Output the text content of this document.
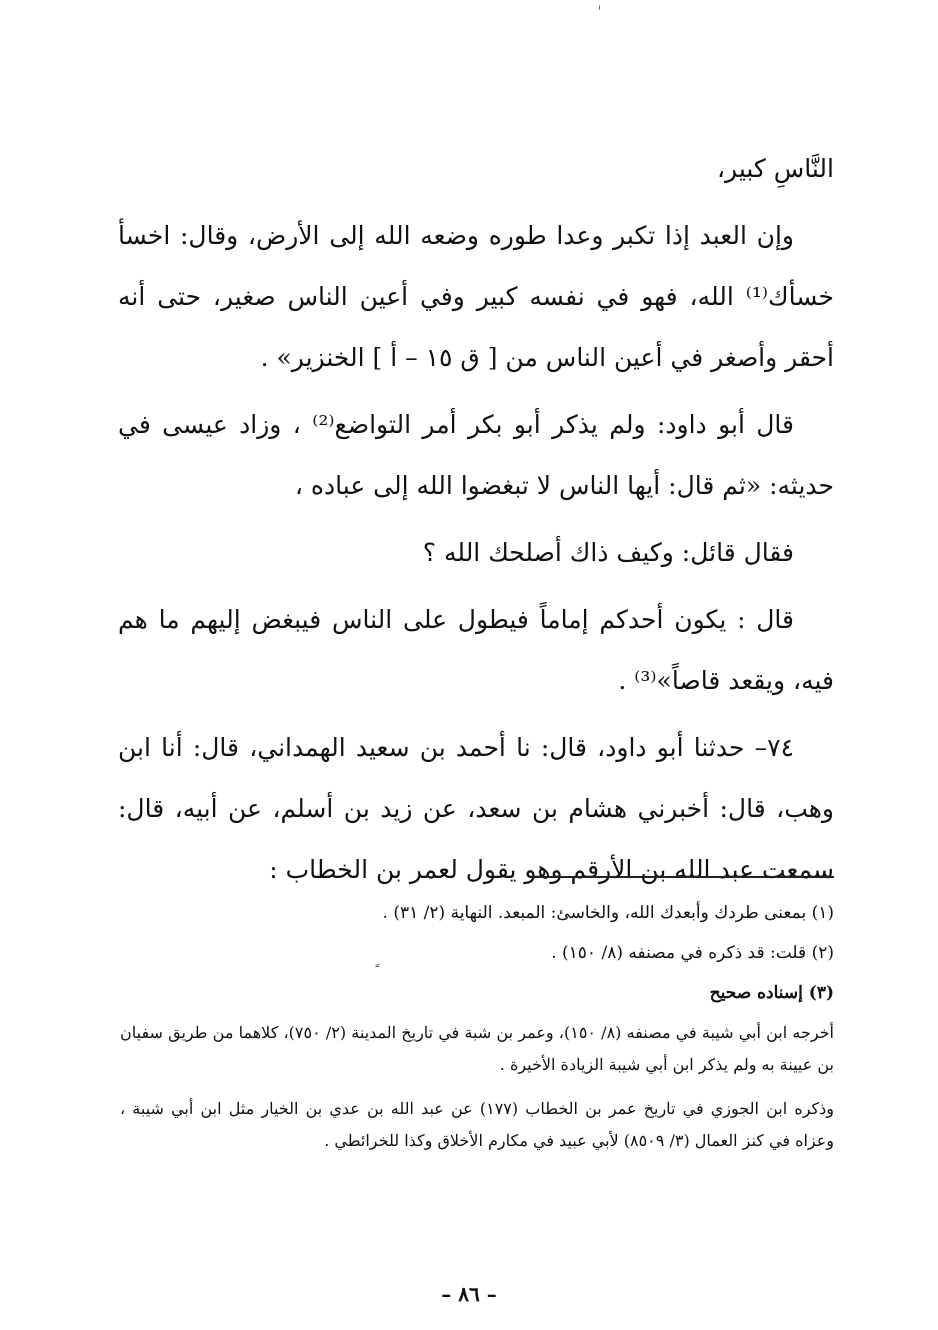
النَّاسِ كبير،

وإن العبد إذا تكبر وعدا طوره وضعه الله إلى الأرض، وقال: اخسأ خسأك⁽¹⁾ الله، فهو في نفسه كبير وفي أعين الناس صغير، حتى أنه أحقر وأصغر في أعين الناس من [ ق ١٥ – أ ] الخنزير» .

قال أبو داود: ولم يذكر أبو بكر أمر التواضع⁽²⁾ ، وزاد عيسى في حديثه: «ثم قال: أيها الناس لا تبغضوا الله إلى عباده ،

فقال قائل: وكيف ذاك أصلحك الله ؟

قال : يكون أحدكم إماماً فيطول على الناس فيبغض إليهم ما هم فيه، ويقعد قاصاً»⁽³⁾ .

٧٤– حدثنا أبو داود، قال: نا أحمد بن سعيد الهمداني، قال: أنا ابن وهب، قال: أخبرني هشام بن سعد، عن زيد بن أسلم، عن أبيه، قال: سمعت عبد الله بن الأرقم وهو يقول لعمر بن الخطاب :

(١) بمعنى طردك وأبعدك الله، والخاسئ: المبعد. النهاية (٢/ ٣١) .

(٢) قلت: قد ذكره في مصنفه (٨/ ١٥٠) .

(٣) إسناده صحيح

أخرجه ابن أبي شيبة في مصنفه (٨/ ١٥٠)، وعمر بن شبة في تاريخ المدينة (٢/ ٧٥٠)، كلاهما من طريق سفيان بن عيينة به ولم يذكر ابن أبي شيبة الزيادة الأخيرة .

وذكره ابن الجوزي في تاريخ عمر بن الخطاب (١٧٧) عن عبد الله بن عدي بن الخيار مثل ابن أبي شيبة ، وعزاه في كنز العمال (٣/ ٨٥٠٩) لأبي عبيد في مكارم الأخلاق وكذا للخرائطي .

– ٨٦ –
